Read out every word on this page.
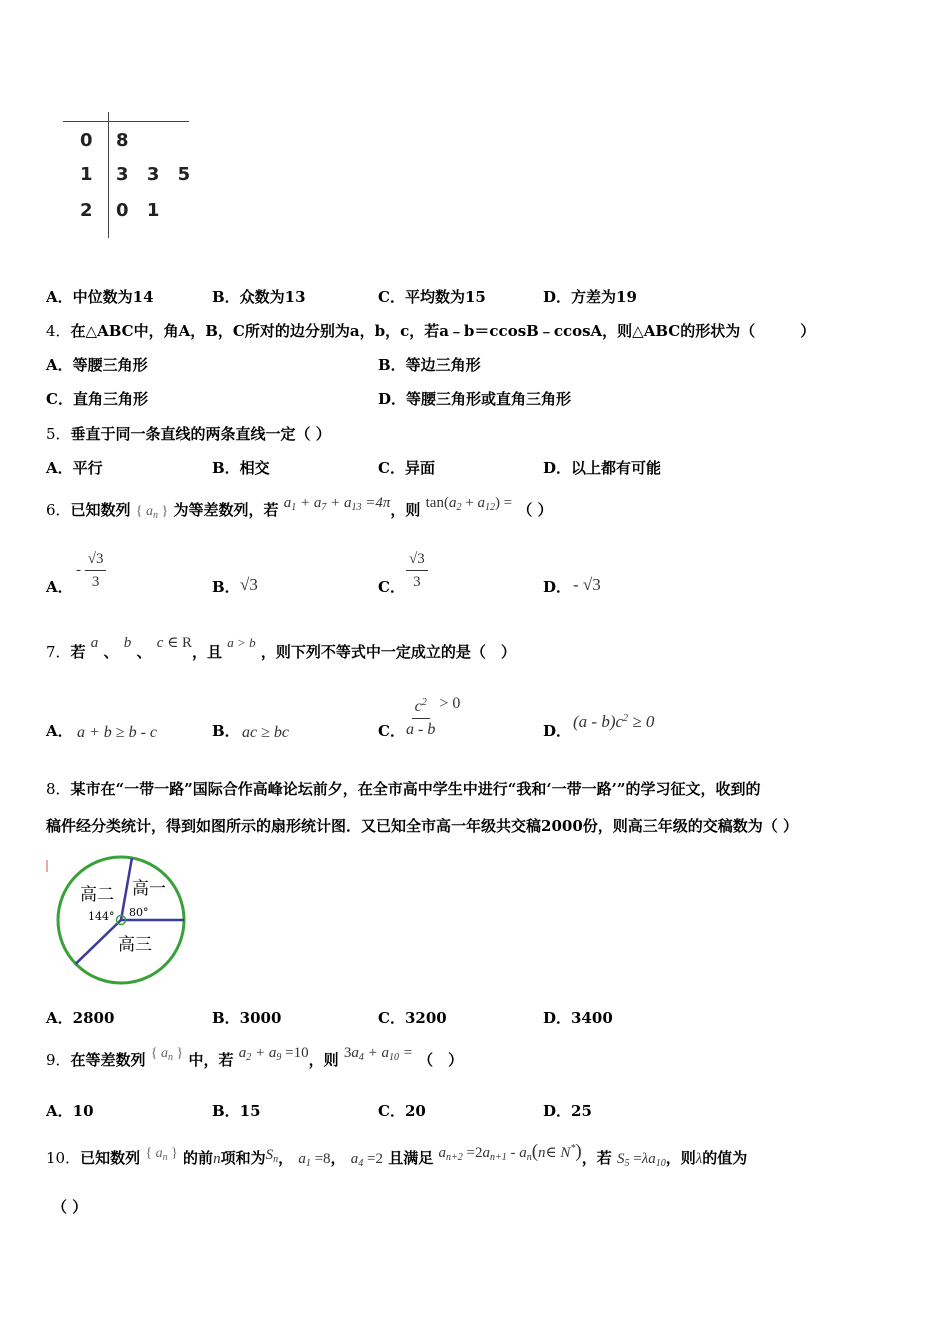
0 8
1 3 3 5
2 0 1
A．中位数为14	B．众数为13	C．平均数为15	D．方差为19
4．在△ABC中，角A，B，C所对的边分别为a，b，c，若a﹣b＝ccosB﹣ccosA，则△ABC的形状为（　　　）
A．等腰三角形	B．等边三角形
C．直角三角形	D．等腰三角形或直角三角形
5．垂直于同一条直线的两条直线一定（ ）
A．平行	B．相交	C．异面	D．以上都有可能
6．已知数列 { $a_n$ } 为等差数列，若 $a_1 + a_7 + a_{13} =4\pi$，则 $\tan(a_2 + a_{12})$ = （ ）
A．
- $\frac{√3}{3}$	B． √3	C． $\frac{√3}{3}$	D． - √3
7．若 a 、 b 、 c ∈ R，且 a > b ，则下列不等式中一定成立的是（　）
A． a + b ≥ b - c	B． ac ≥ bc	C． $\frac{c^2}{a - b} > 0$
D． $(a - b)c^2 \ge 0$
8．某市在“一带一路”国际合作高峰论坛前夕，在全市高中学生中进行“我和‘一带一路’”的学习征文，收到的
稿件经分类统计，得到如图所示的扇形统计图．又已知全市高一年级共交稿2000份，则高三年级的交稿数为（ ）
高二 高一
高三
144° 80°
A．2800	B．3000	C．3200	D．3400
9．在等差数列 { $a_n$ } 中，若 $a_2 + a_9 =10$，则 $3a_4 + a_{10}$ = （　）
A．10	B．15	C．20	D．25
10．已知数列 { $a_n$ } 的前n项和为$S_n$， $a_1 =8$， $a_4 =2$ 且满足 $a_{n+2} =2a_{n+1}$ - $a_n(n\in$ N*)，若 $S_5 =\lambda a_{10}$，则λ的值为
（ ）
